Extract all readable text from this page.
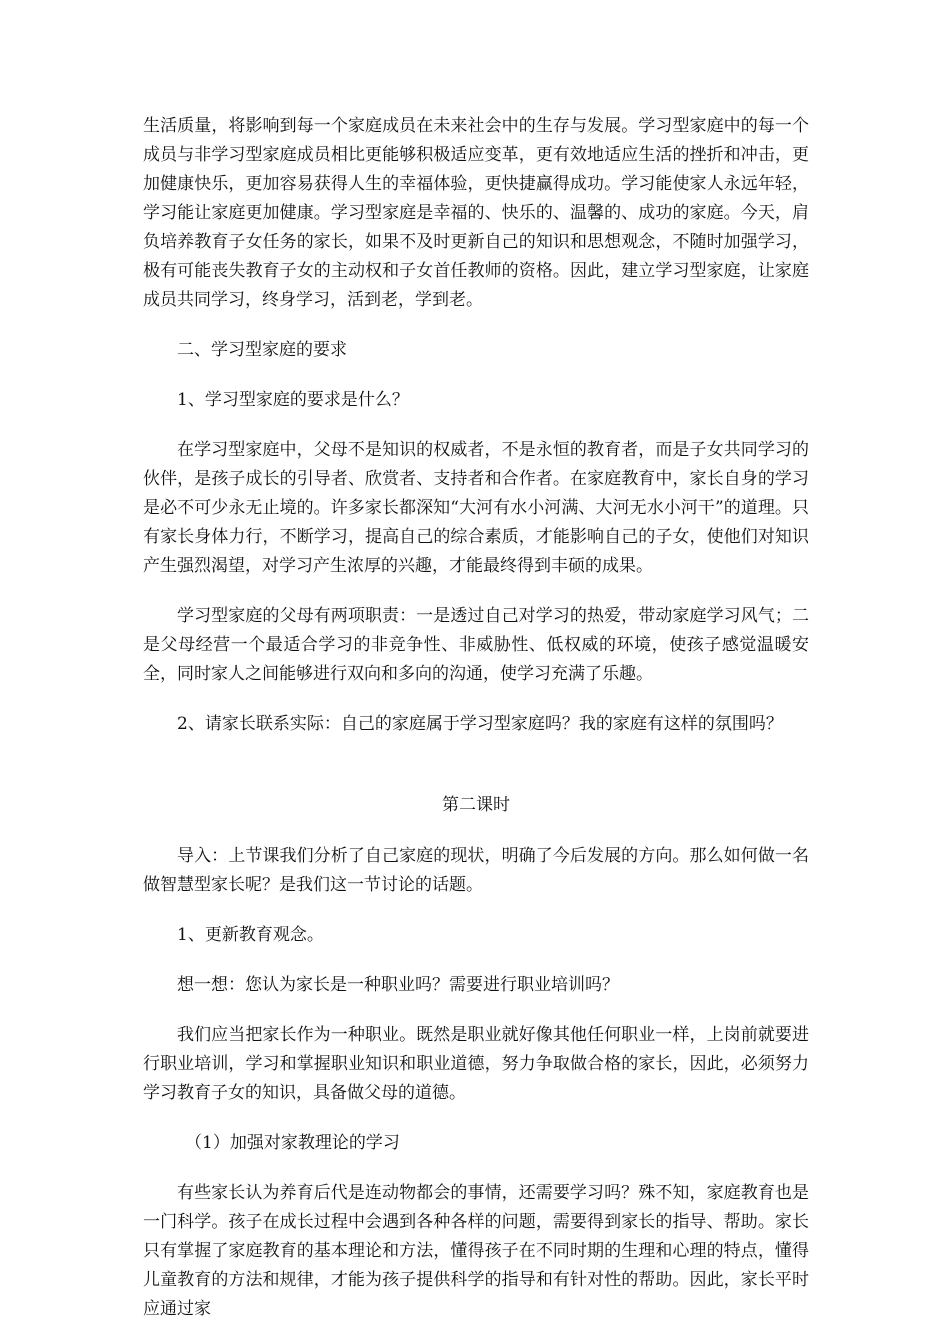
生活质量，将影响到每一个家庭成员在未来社会中的生存与发展。学习型家庭中的每一个成员与非学习型家庭成员相比更能够积极适应变革，更有效地适应生活的挫折和冲击，更加健康快乐，更加容易获得人生的幸福体验，更快捷赢得成功。学习能使家人永远年轻，学习能让家庭更加健康。学习型家庭是幸福的、快乐的、温馨的、成功的家庭。今天，肩负培养教育子女任务的家长，如果不及时更新自己的知识和思想观念，不随时加强学习，极有可能丧失教育子女的主动权和子女首任教师的资格。因此，建立学习型家庭，让家庭成员共同学习，终身学习，活到老，学到老。

二、学习型家庭的要求

1、学习型家庭的要求是什么？

在学习型家庭中，父母不是知识的权威者，不是永恒的教育者，而是子女共同学习的伙伴，是孩子成长的引导者、欣赏者、支持者和合作者。在家庭教育中，家长自身的学习是必不可少永无止境的。许多家长都深知“大河有水小河满、大河无水小河干”的道理。只有家长身体力行，不断学习，提高自己的综合素质，才能影响自己的子女，使他们对知识产生强烈渴望，对学习产生浓厚的兴趣，才能最终得到丰硕的成果。

学习型家庭的父母有两项职责：一是透过自己对学习的热爱，带动家庭学习风气；二是父母经营一个最适合学习的非竞争性、非威胁性、低权威的环境，使孩子感觉温暖安全，同时家人之间能够进行双向和多向的沟通，使学习充满了乐趣。

2、请家长联系实际：自己的家庭属于学习型家庭吗？我的家庭有这样的氛围吗？

第二课时

导入：上节课我们分析了自己家庭的现状，明确了今后发展的方向。那么如何做一名做智慧型家长呢？是我们这一节讨论的话题。

1、更新教育观念。

想一想：您认为家长是一种职业吗？需要进行职业培训吗？

我们应当把家长作为一种职业。既然是职业就好像其他任何职业一样，上岗前就要进行职业培训，学习和掌握职业知识和职业道德，努力争取做合格的家长，因此，必须努力学习教育子女的知识，具备做父母的道德。

（1）加强对家教理论的学习

有些家长认为养育后代是连动物都会的事情，还需要学习吗？殊不知，家庭教育也是一门科学。孩子在成长过程中会遇到各种各样的问题，需要得到家长的指导、帮助。家长只有掌握了家庭教育的基本理论和方法，懂得孩子在不同时期的生理和心理的特点，懂得儿童教育的方法和规律，才能为孩子提供科学的指导和有针对性的帮助。因此，家长平时应通过家
